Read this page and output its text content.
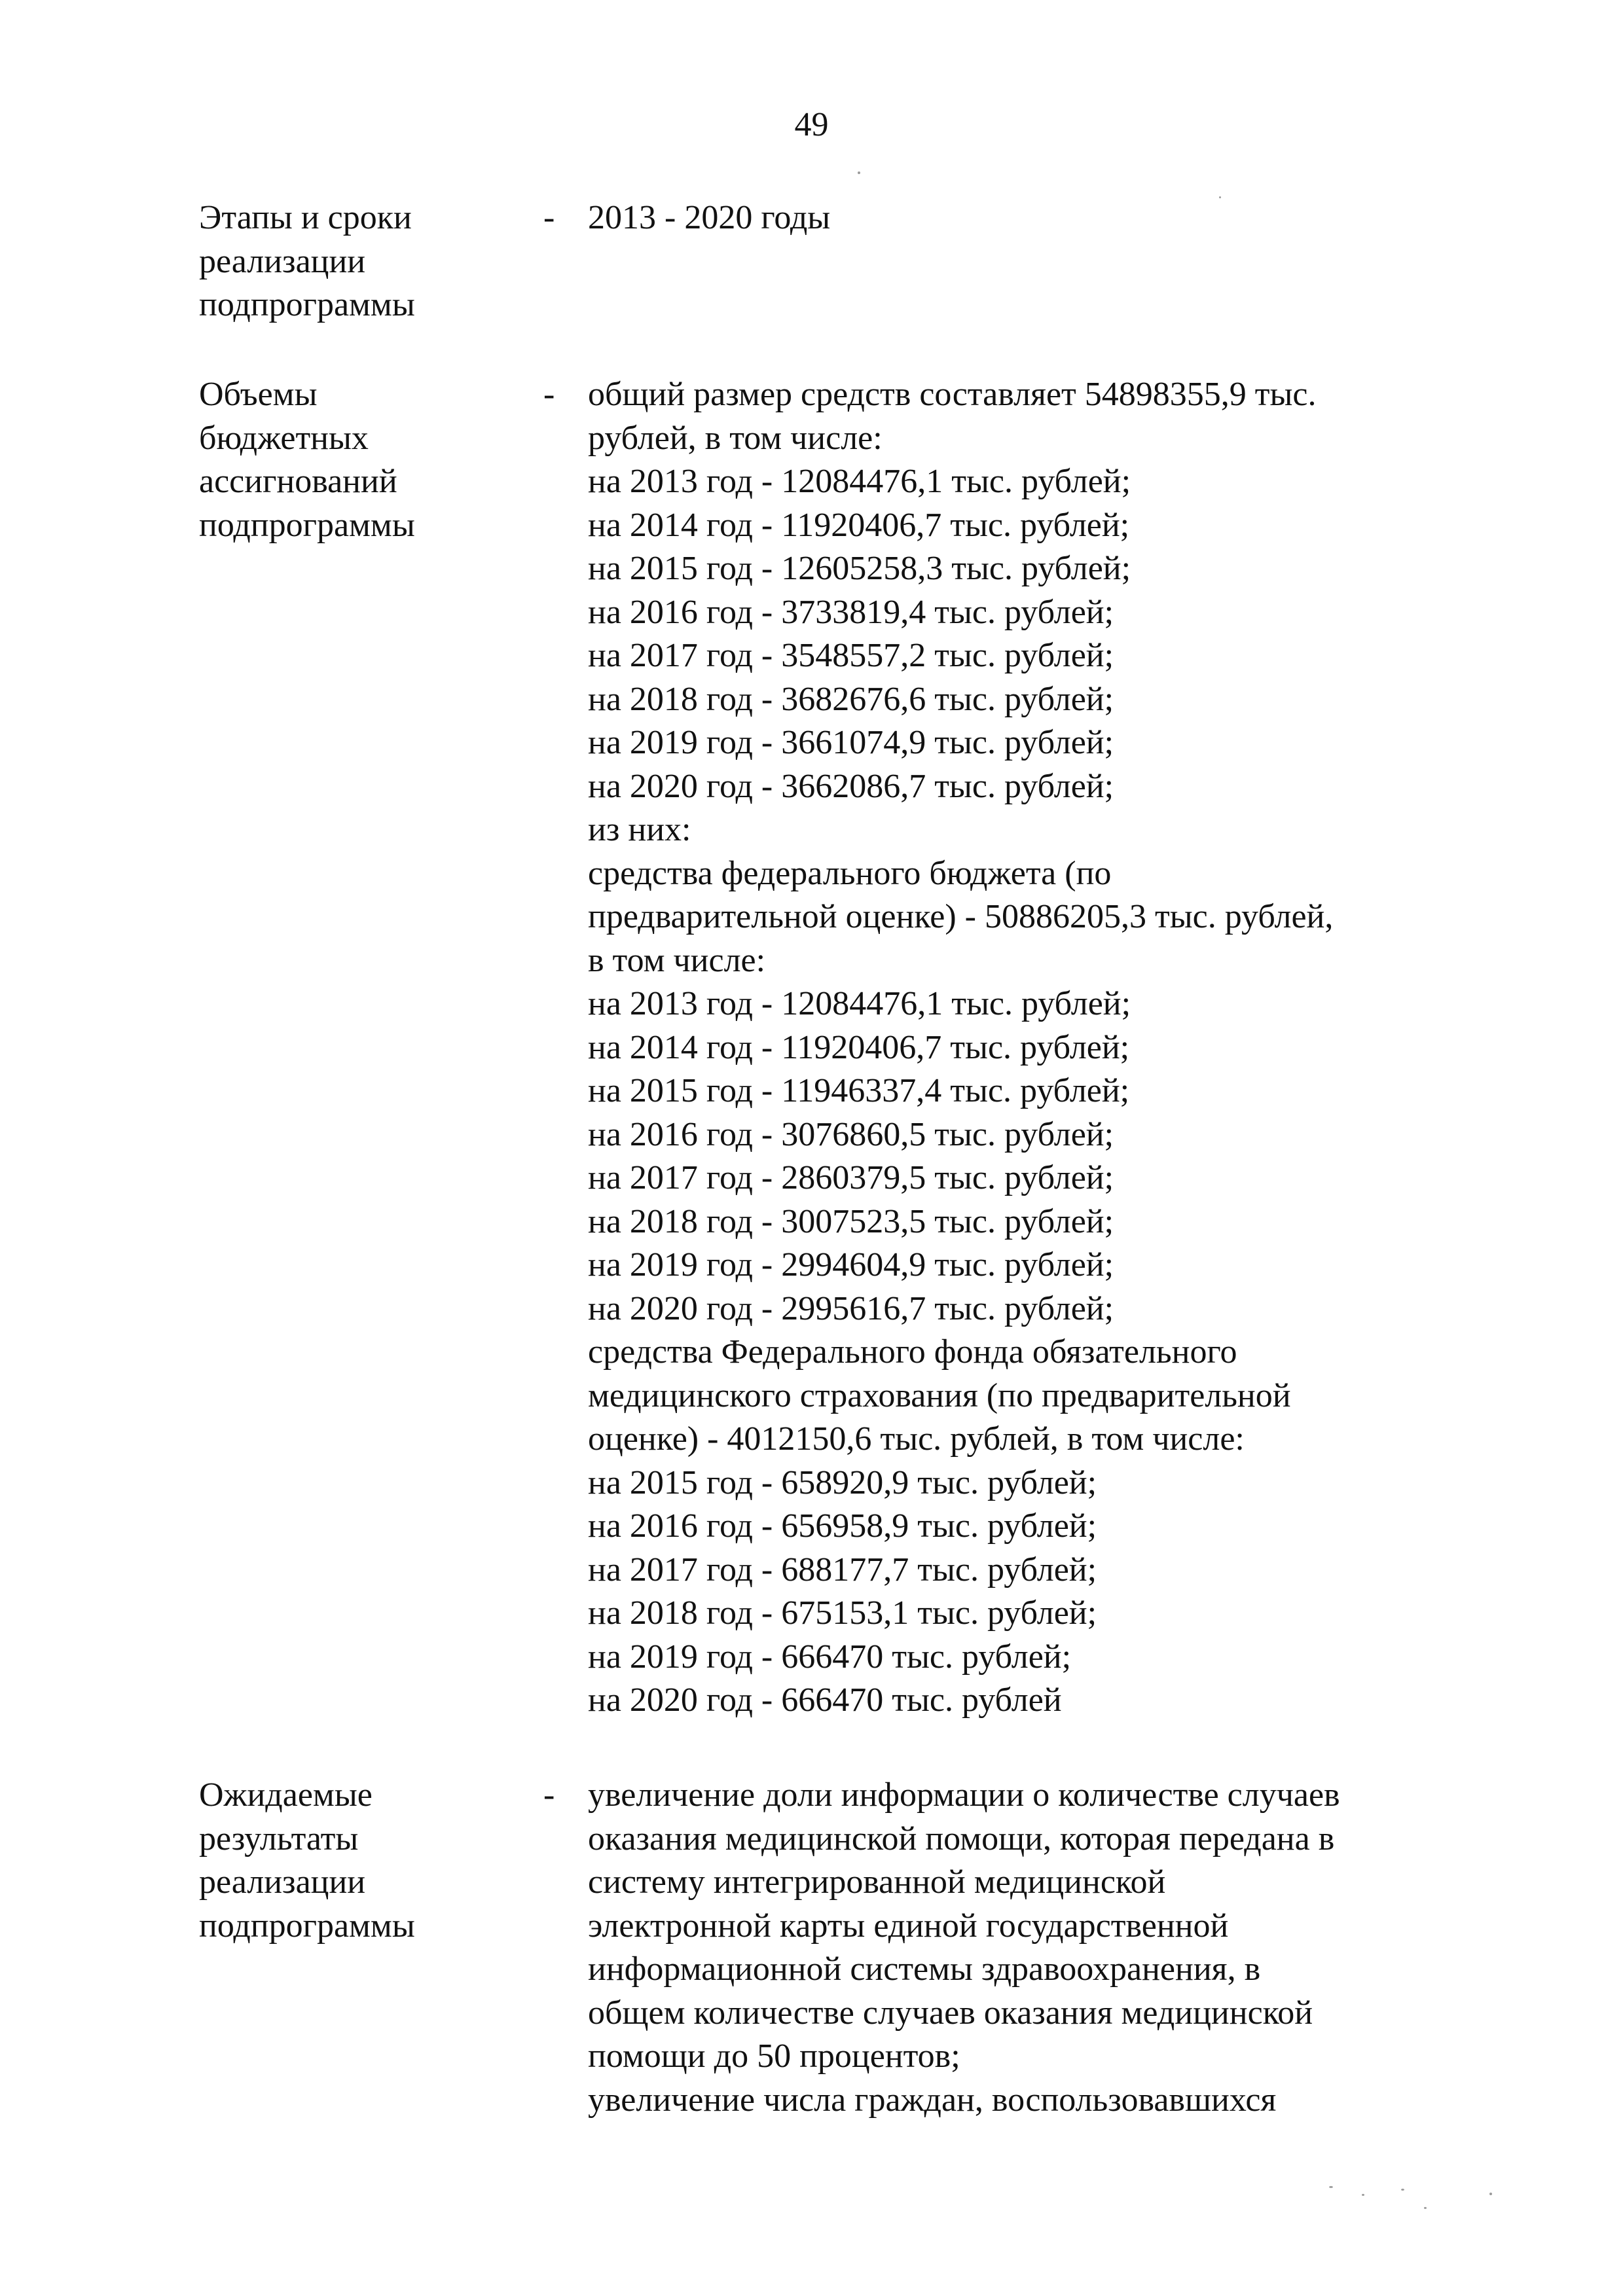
49
Этапы и сроки
реализации
подпрограммы
- 2013 - 2020 годы
Объемы
бюджетных
ассигнований
подпрограммы
- общий размер средств составляет 54898355,9 тыс.
рублей, в том числе:
на 2013 год - 12084476,1 тыс. рублей;
на 2014 год - 11920406,7 тыс. рублей;
на 2015 год - 12605258,3 тыс. рублей;
на 2016 год - 3733819,4 тыс. рублей;
на 2017 год - 3548557,2 тыс. рублей;
на 2018 год - 3682676,6 тыс. рублей;
на 2019 год - 3661074,9 тыс. рублей;
на 2020 год - 3662086,7 тыс. рублей;
из них:
средства федерального бюджета (по
предварительной оценке) - 50886205,3 тыс. рублей,
в том числе:
на 2013 год - 12084476,1 тыс. рублей;
на 2014 год - 11920406,7 тыс. рублей;
на 2015 год - 11946337,4 тыс. рублей;
на 2016 год - 3076860,5 тыс. рублей;
на 2017 год - 2860379,5 тыс. рублей;
на 2018 год - 3007523,5 тыс. рублей;
на 2019 год - 2994604,9 тыс. рублей;
на 2020 год - 2995616,7 тыс. рублей;
средства Федерального фонда обязательного
медицинского страхования (по предварительной
оценке) - 4012150,6 тыс. рублей, в том числе:
на 2015 год - 658920,9 тыс. рублей;
на 2016 год - 656958,9 тыс. рублей;
на 2017 год - 688177,7 тыс. рублей;
на 2018 год - 675153,1 тыс. рублей;
на 2019 год - 666470 тыс. рублей;
на 2020 год - 666470 тыс. рублей
Ожидаемые
результаты
реализации
подпрограммы
- увеличение доли информации о количестве случаев
оказания медицинской помощи, которая передана в
систему интегрированной медицинской
электронной карты единой государственной
информационной системы здравоохранения, в
общем количестве случаев оказания медицинской
помощи до 50 процентов;
увеличение числа граждан, воспользовавшихся
